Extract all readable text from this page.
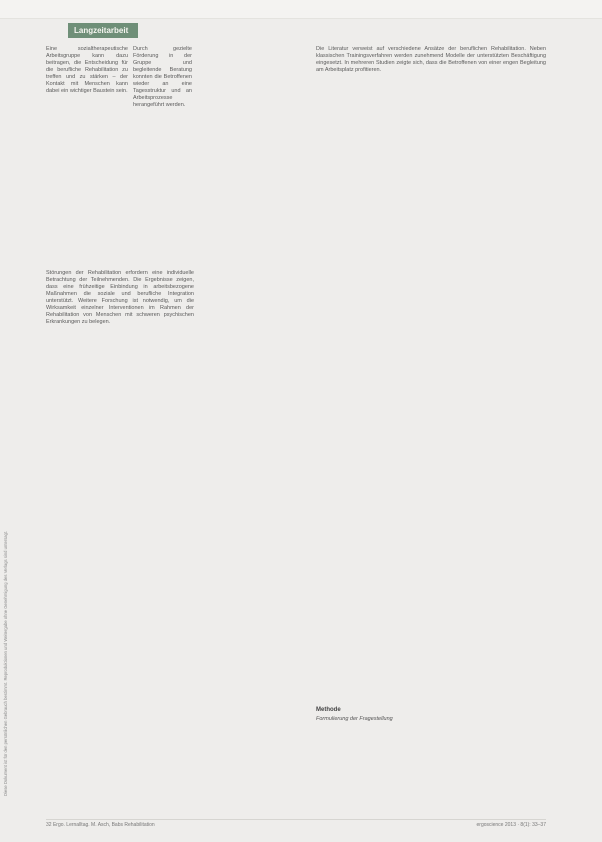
Langzeitarbeit
Diese Dokument ist für den persönlichen Gebrauch bestimmt. Reproduktionen und Weitergabe ohne Genehmigung des Verlags sind untersagt.
Eine sozialtherapeutische Arbeitsgruppe kann dazu beitragen, die Entscheidung für die berufliche Rehabilitation zu treffen und zu stärken – der Kontakt mit Menschen kann dabei ein wichtiger Baustein sein.
Durch gezielte Förderung in der Gruppe und begleitende Beratung konnten die Betroffenen wieder an eine Tagesstruktur und an Arbeitsprozesse herangeführt werden.
Störungen der Rehabilitation erfordern eine individuelle Betrachtung der Teilnehmenden. Die Ergebnisse zeigen, dass eine frühzeitige Einbindung in arbeitsbezogene Maßnahmen die soziale und berufliche Integration unterstützt. Weitere Forschung ist notwendig, um die Wirksamkeit einzelner Interventionen im Rahmen der Rehabilitation von Menschen mit schweren psychischen Erkrankungen zu belegen.
Die Literatur verweist auf verschiedene Ansätze der beruflichen Rehabilitation. Neben klassischen Trainingsverfahren werden zunehmend Modelle der unterstützten Beschäftigung eingesetzt. In mehreren Studien zeigte sich, dass die Betroffenen von einer engen Begleitung am Arbeitsplatz profitieren.
Methode
Formulierung der Fragestellung
32 Ergo. Lernalltag. M. Asch, Babs Rehabilitation	ergoscience 2013 · 8(1): 33–37
